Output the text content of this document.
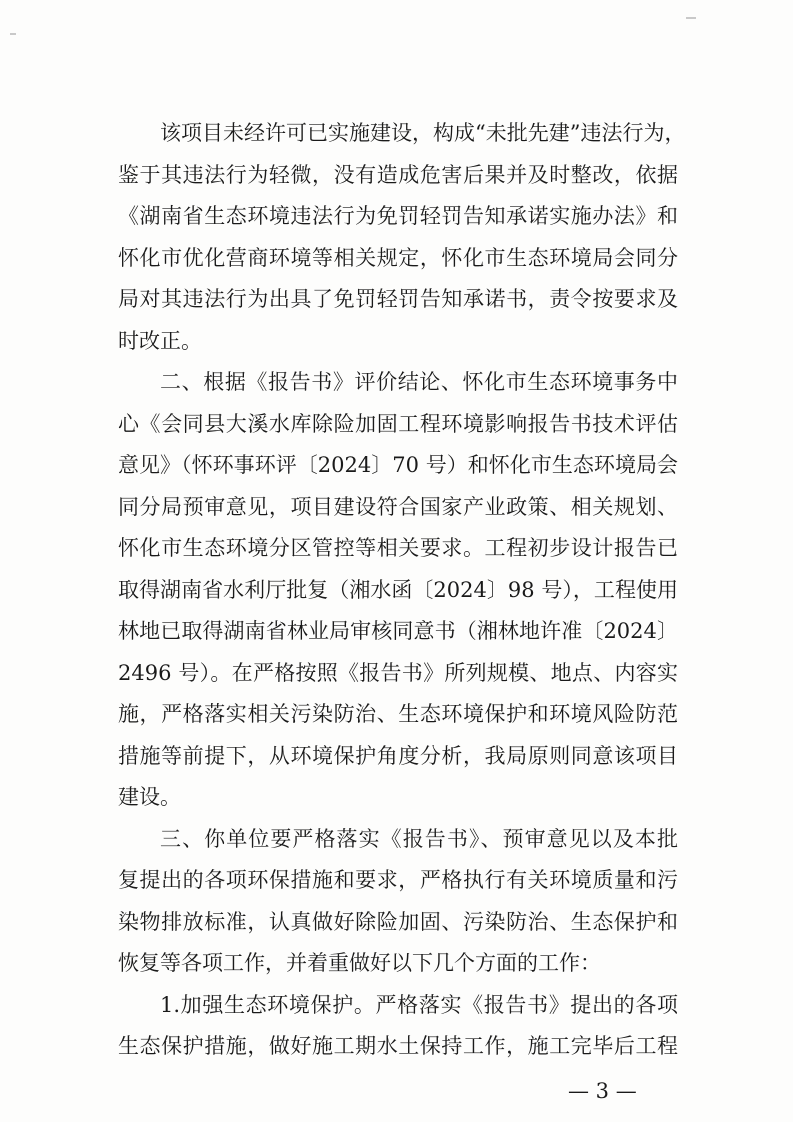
该项目未经许可已实施建设，构成“未批先建”违法行为，

鉴于其违法行为轻微，没有造成危害后果并及时整改，依据

《湖南省生态环境违法行为免罚轻罚告知承诺实施办法》和

怀化市优化营商环境等相关规定，怀化市生态环境局会同分

局对其违法行为出具了免罚轻罚告知承诺书，责令按要求及

时改正。

二、根据《报告书》评价结论、怀化市生态环境事务中

心《会同县大溪水库除险加固工程环境影响报告书技术评估

意见》（怀环事环评〔2024〕70 号）和怀化市生态环境局会

同分局预审意见，项目建设符合国家产业政策、相关规划、

怀化市生态环境分区管控等相关要求。工程初步设计报告已

取得湖南省水利厅批复（湘水函〔2024〕98 号），工程使用

林地已取得湖南省林业局审核同意书（湘林地许准〔2024〕

2496 号）。在严格按照《报告书》所列规模、地点、内容实

施，严格落实相关污染防治、生态环境保护和环境风险防范

措施等前提下，从环境保护角度分析，我局原则同意该项目

建设。

三、你单位要严格落实《报告书》、预审意见以及本批

复提出的各项环保措施和要求，严格执行有关环境质量和污

染物排放标准，认真做好除险加固、污染防治、生态保护和

恢复等各项工作，并着重做好以下几个方面的工作：

1.加强生态环境保护。严格落实《报告书》提出的各项

生态保护措施，做好施工期水土保持工作，施工完毕后工程

— 3 —
